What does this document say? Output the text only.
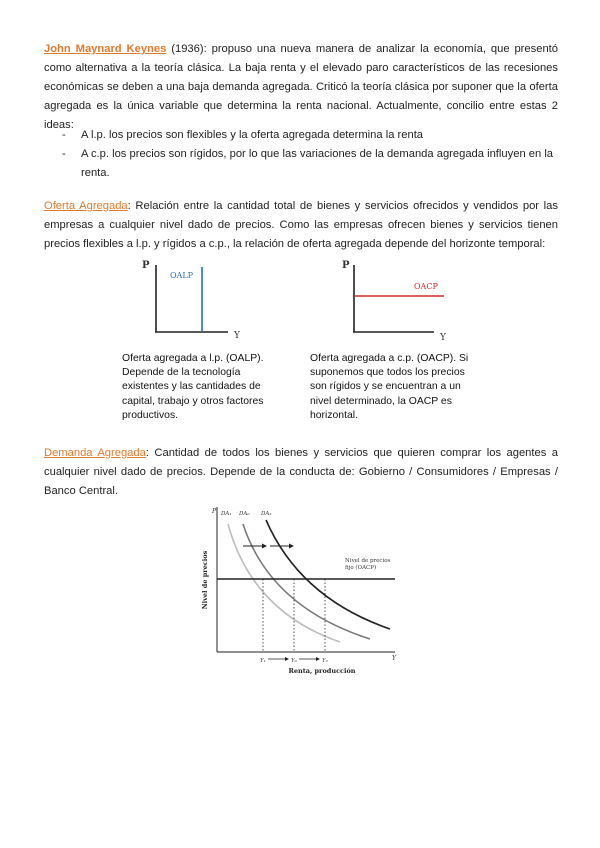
John Maynard Keynes (1936): propuso una nueva manera de analizar la economía, que presentó como alternativa a la teoría clásica. La baja renta y el elevado paro característicos de las recesiones económicas se deben a una baja demanda agregada. Criticó la teoría clásica por suponer que la oferta agregada es la única variable que determina la renta nacional. Actualmente, concilio entre estas 2 ideas:

- A l.p. los precios son flexibles y la oferta agregada determina la renta
- A c.p. los precios son rígidos, por lo que las variaciones de la demanda agregada influyen en la renta.

Oferta Agregada: Relación entre la cantidad total de bienes y servicios ofrecidos y vendidos por las empresas a cualquier nivel dado de precios. Como las empresas ofrecen bienes y servicios tienen precios flexibles a l.p. y rígidos a c.p., la relación de oferta agregada depende del horizonte temporal:

P
OALP
Y
P
OACP
Y

Oferta agregada a l.p. (OALP). Depende de la tecnología existentes y las cantidades de capital, trabajo y otros factores productivos.

Oferta agregada a c.p. (OACP). Si suponemos que todos los precios son rígidos y se encuentran a un nivel determinado, la OACP es horizontal.

Demanda Agregada: Cantidad de todos los bienes y servicios que quieren comprar los agentes a cualquier nivel dado de precios. Depende de la conducta de: Gobierno / Consumidores / Empresas / Banco Central.

P
Y
Nivel de precios
Renta, producción
DA₁ DA₀ DA₂
Nivel de precios
fijo (OACP)
Y₁	Y₀	Y₂
